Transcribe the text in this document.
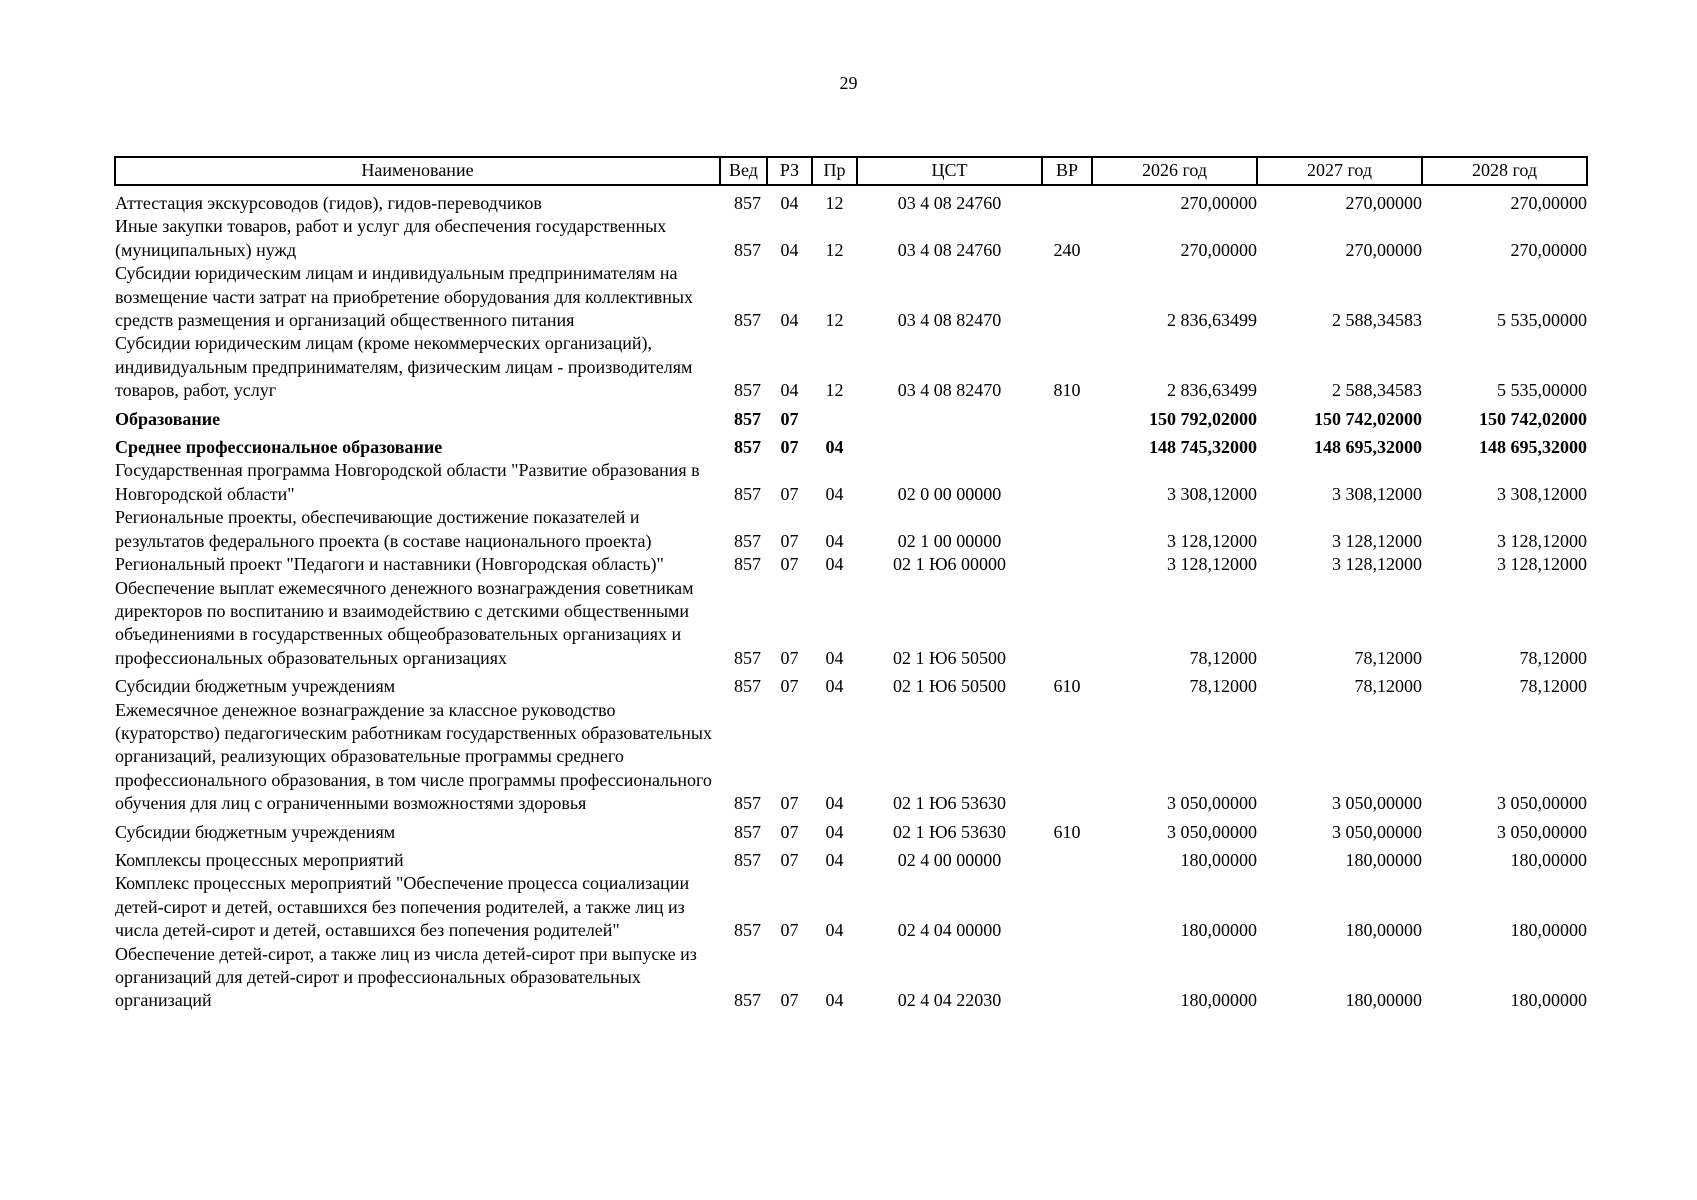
29
Наименование	Вед	РЗ	Пр	ЦСТ	ВР	2026 год	2027 год	2028 год
Аттестация экскурсоводов (гидов), гидов-переводчиков	857	04	12	03 4 08 24760		270,00000	270,00000	270,00000
Иные закупки товаров, работ и услуг для обеспечения государственных (муниципальных) нужд	857	04	12	03 4 08 24760	240	270,00000	270,00000	270,00000
Субсидии юридическим лицам и индивидуальным предпринимателям на возмещение части затрат на приобретение оборудования для коллективных средств размещения и организаций общественного питания	857	04	12	03 4 08 82470		2 836,63499	2 588,34583	5 535,00000
Субсидии юридическим лицам (кроме некоммерческих организаций), индивидуальным предпринимателям, физическим лицам - производителям товаров, работ, услуг	857	04	12	03 4 08 82470	810	2 836,63499	2 588,34583	5 535,00000
Образование	857	07				150 792,02000	150 742,02000	150 742,02000
Среднее профессиональное образование	857	07	04			148 745,32000	148 695,32000	148 695,32000
Государственная программа Новгородской области "Развитие образования в Новгородской области"	857	07	04	02 0 00 00000		3 308,12000	3 308,12000	3 308,12000
Региональные проекты, обеспечивающие достижение показателей и результатов федерального проекта (в составе национального проекта)	857	07	04	02 1 00 00000		3 128,12000	3 128,12000	3 128,12000
Региональный проект "Педагоги и наставники (Новгородская область)"	857	07	04	02 1 Ю6 00000		3 128,12000	3 128,12000	3 128,12000
Обеспечение выплат ежемесячного денежного вознаграждения советникам директоров по воспитанию и взаимодействию с детскими общественными объединениями в государственных общеобразовательных организациях и профессиональных образовательных организациях	857	07	04	02 1 Ю6 50500		78,12000	78,12000	78,12000
Субсидии бюджетным учреждениям	857	07	04	02 1 Ю6 50500	610	78,12000	78,12000	78,12000
Ежемесячное денежное вознаграждение за классное руководство (кураторство) педагогическим работникам государственных образовательных организаций, реализующих образовательные программы среднего профессионального образования, в том числе программы профессионального обучения для лиц с ограниченными возможностями здоровья	857	07	04	02 1 Ю6 53630		3 050,00000	3 050,00000	3 050,00000
Субсидии бюджетным учреждениям	857	07	04	02 1 Ю6 53630	610	3 050,00000	3 050,00000	3 050,00000
Комплексы процессных мероприятий	857	07	04	02 4 00 00000		180,00000	180,00000	180,00000
Комплекс процессных мероприятий "Обеспечение процесса социализации детей-сирот и детей, оставшихся без попечения родителей, а также лиц из числа детей-сирот и детей, оставшихся без попечения родителей"	857	07	04	02 4 04 00000		180,00000	180,00000	180,00000
Обеспечение детей-сирот, а также лиц из числа детей-сирот при выпуске из организаций для детей-сирот и профессиональных образовательных организаций	857	07	04	02 4 04 22030		180,00000	180,00000	180,00000
